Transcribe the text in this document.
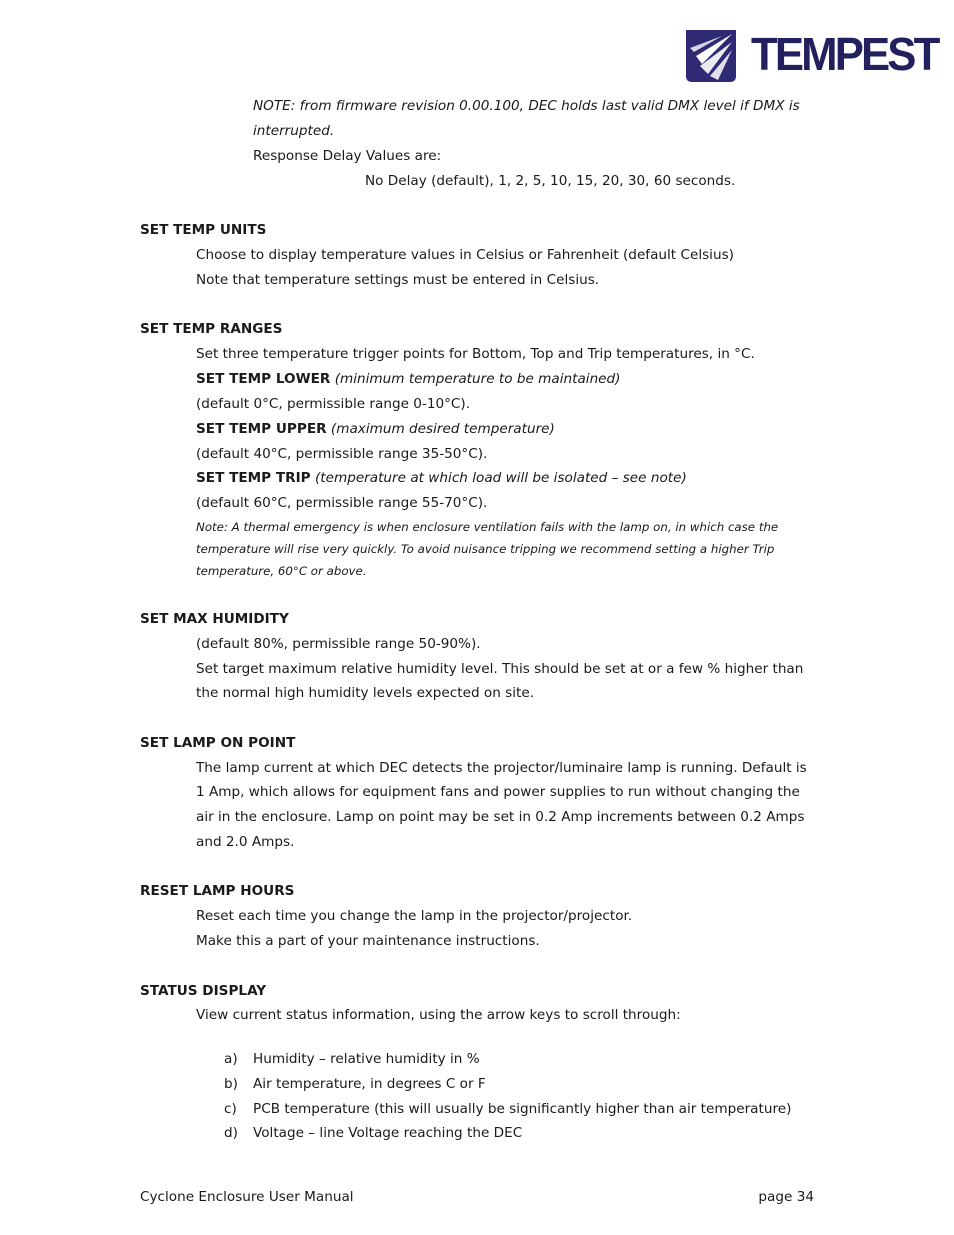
TEMPEST
NOTE: from firmware revision 0.00.100, DEC holds last valid DMX level if DMX is
interrupted.
Response Delay Values are:
No Delay (default), 1, 2, 5, 10, 15, 20, 30, 60 seconds.
SET TEMP UNITS
Choose to display temperature values in Celsius or Fahrenheit (default Celsius)
Note that temperature settings must be entered in Celsius.
SET TEMP RANGES
Set three temperature trigger points for Bottom, Top and Trip temperatures, in °C.
SET TEMP LOWER (minimum temperature to be maintained)
(default 0°C, permissible range 0-10°C).
SET TEMP UPPER (maximum desired temperature)
(default 40°C, permissible range 35-50°C).
SET TEMP TRIP (temperature at which load will be isolated – see note)
(default 60°C, permissible range 55-70°C).
Note: A thermal emergency is when enclosure ventilation fails with the lamp on, in which case the
temperature will rise very quickly. To avoid nuisance tripping we recommend setting a higher Trip
temperature, 60°C or above.
SET MAX HUMIDITY
(default 80%, permissible range 50-90%).
Set target maximum relative humidity level. This should be set at or a few % higher than
the normal high humidity levels expected on site.
SET LAMP ON POINT
The lamp current at which DEC detects the projector/luminaire lamp is running. Default is
1 Amp, which allows for equipment fans and power supplies to run without changing the
air in the enclosure. Lamp on point may be set in 0.2 Amp increments between 0.2 Amps
and 2.0 Amps.
RESET LAMP HOURS
Reset each time you change the lamp in the projector/projector.
Make this a part of your maintenance instructions.
STATUS DISPLAY
View current status information, using the arrow keys to scroll through:
a) Humidity – relative humidity in %
b) Air temperature, in degrees C or F
c) PCB temperature (this will usually be significantly higher than air temperature)
d) Voltage – line Voltage reaching the DEC
Cyclone Enclosure User Manual	page 34
